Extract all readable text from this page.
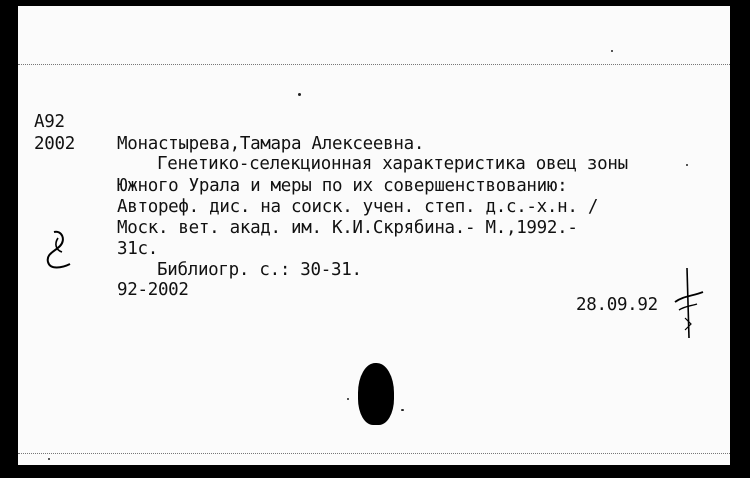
А92
2002 Монастырева,Тамара Алексеевна.
Генетико-селекционная характеристика овец зоны
Южного Урала и меры по их совершенствованию:
Автореф. дис. на соиск. учен. степ. д.с.-х.н. /
Моск. вет. акад. им. К.И.Скрябина.- М.,1992.-
31с.
Библиогр. с.: 30-31.
92-2002
28.09.92
